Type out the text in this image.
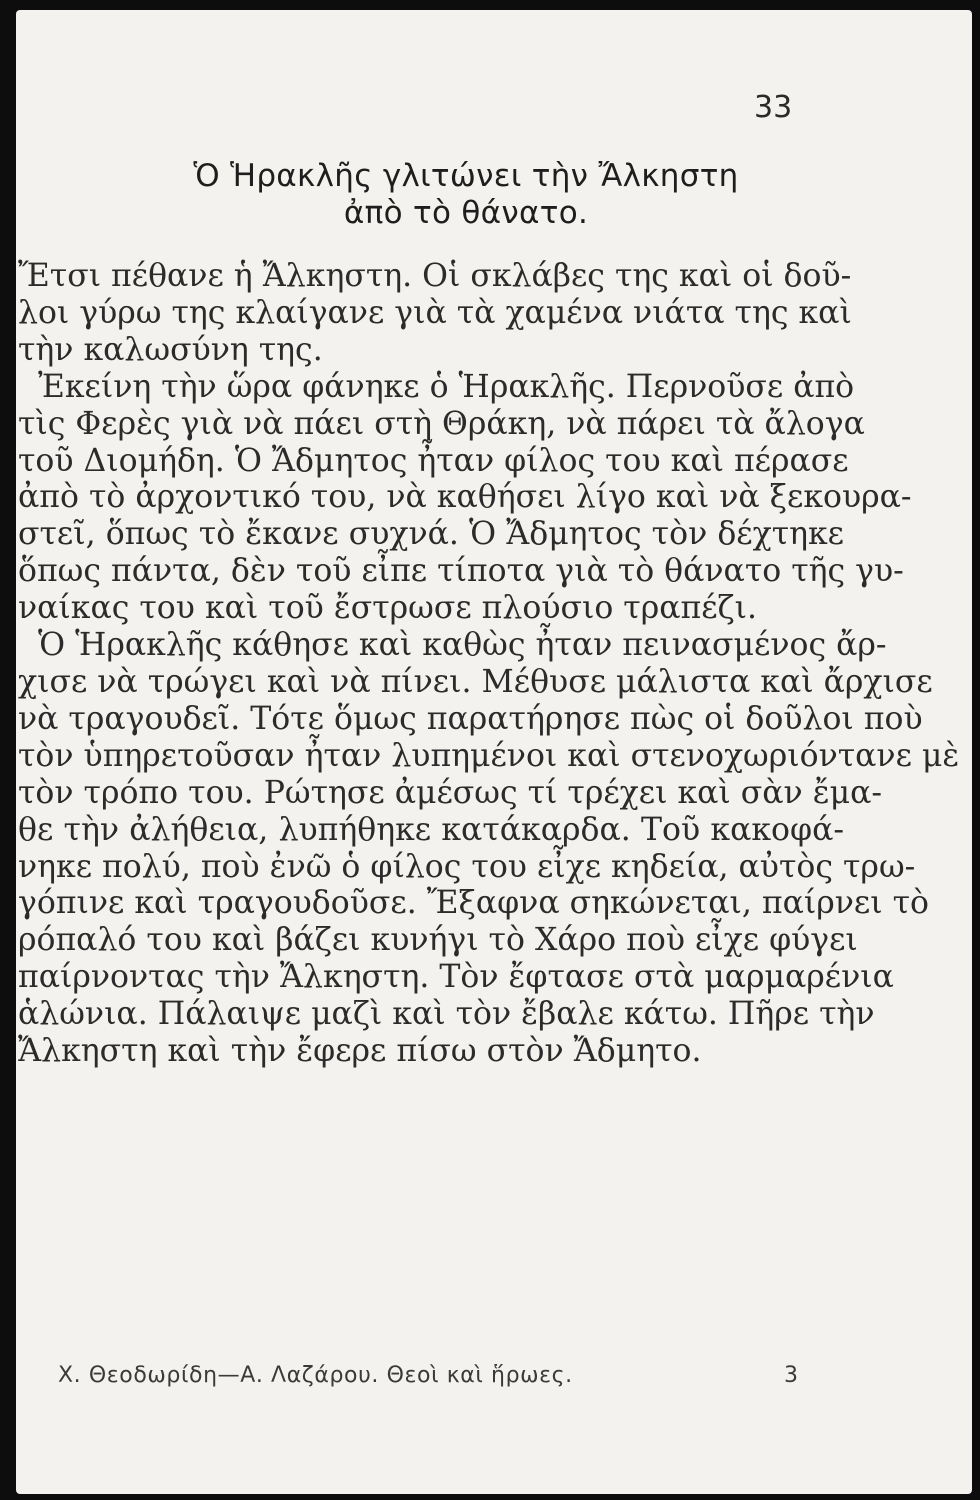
33
Ὁ Ἡρακλῆς γλιτώνει τὴν Ἄλκηστη
ἀπὸ τὸ θάνατο.
Ἔτσι πέθανε ἡ Ἄλκηστη. Οἱ σκλάβες της καὶ οἱ δοῦ-
λοι γύρω της κλαίγανε γιὰ τὰ χαμένα νιάτα της καὶ
τὴν καλωσύνη της.
Ἐκείνη τὴν ὥρα φάνηκε ὁ Ἡρακλῆς. Περνοῦσε ἀπὸ
τὶς Φερὲς γιὰ νὰ πάει στὴ Θράκη, νὰ πάρει τὰ ἄλογα
τοῦ Διομήδη. Ὁ Ἄδμητος ἦταν φίλος του καὶ πέρασε
ἀπὸ τὸ ἀρχοντικό του, νὰ καθήσει λίγο καὶ νὰ ξεκουρα-
στεῖ, ὅπως τὸ ἔκανε συχνά. Ὁ Ἄδμητος τὸν δέχτηκε
ὅπως πάντα, δὲν τοῦ εἶπε τίποτα γιὰ τὸ θάνατο τῆς γυ-
ναίκας του καὶ τοῦ ἔστρωσε πλούσιο τραπέζι.
Ὁ Ἡρακλῆς κάθησε καὶ καθὼς ἦταν πεινασμένος ἄρ-
χισε νὰ τρώγει καὶ νὰ πίνει. Μέθυσε μάλιστα καὶ ἄρχισε
νὰ τραγουδεῖ. Τότε ὅμως παρατήρησε πὼς οἱ δοῦλοι ποὺ
τὸν ὑπηρετοῦσαν ἦταν λυπημένοι καὶ στενοχωριόντανε μὲ
τὸν τρόπο του. Ρώτησε ἀμέσως τί τρέχει καὶ σὰν ἔμα-
θε τὴν ἀλήθεια, λυπήθηκε κατάκαρδα. Τοῦ κακοφά-
νηκε πολύ, ποὺ ἐνῶ ὁ φίλος του εἶχε κηδεία, αὐτὸς τρω-
γόπινε καὶ τραγουδοῦσε. Ἔξαφνα σηκώνεται, παίρνει τὸ
ρόπαλό του καὶ βάζει κυνήγι τὸ Χάρο ποὺ εἶχε φύγει
παίρνοντας τὴν Ἄλκηστη. Τὸν ἔφτασε στὰ μαρμαρένια
ἁλώνια. Πάλαιψε μαζὶ καὶ τὸν ἔβαλε κάτω. Πῆρε τὴν
Ἄλκηστη καὶ τὴν ἔφερε πίσω στὸν Ἄδμητο.
Χ. Θεοδωρίδη—Α. Λαζάρου. Θεοὶ καὶ ἥρωες.	3
